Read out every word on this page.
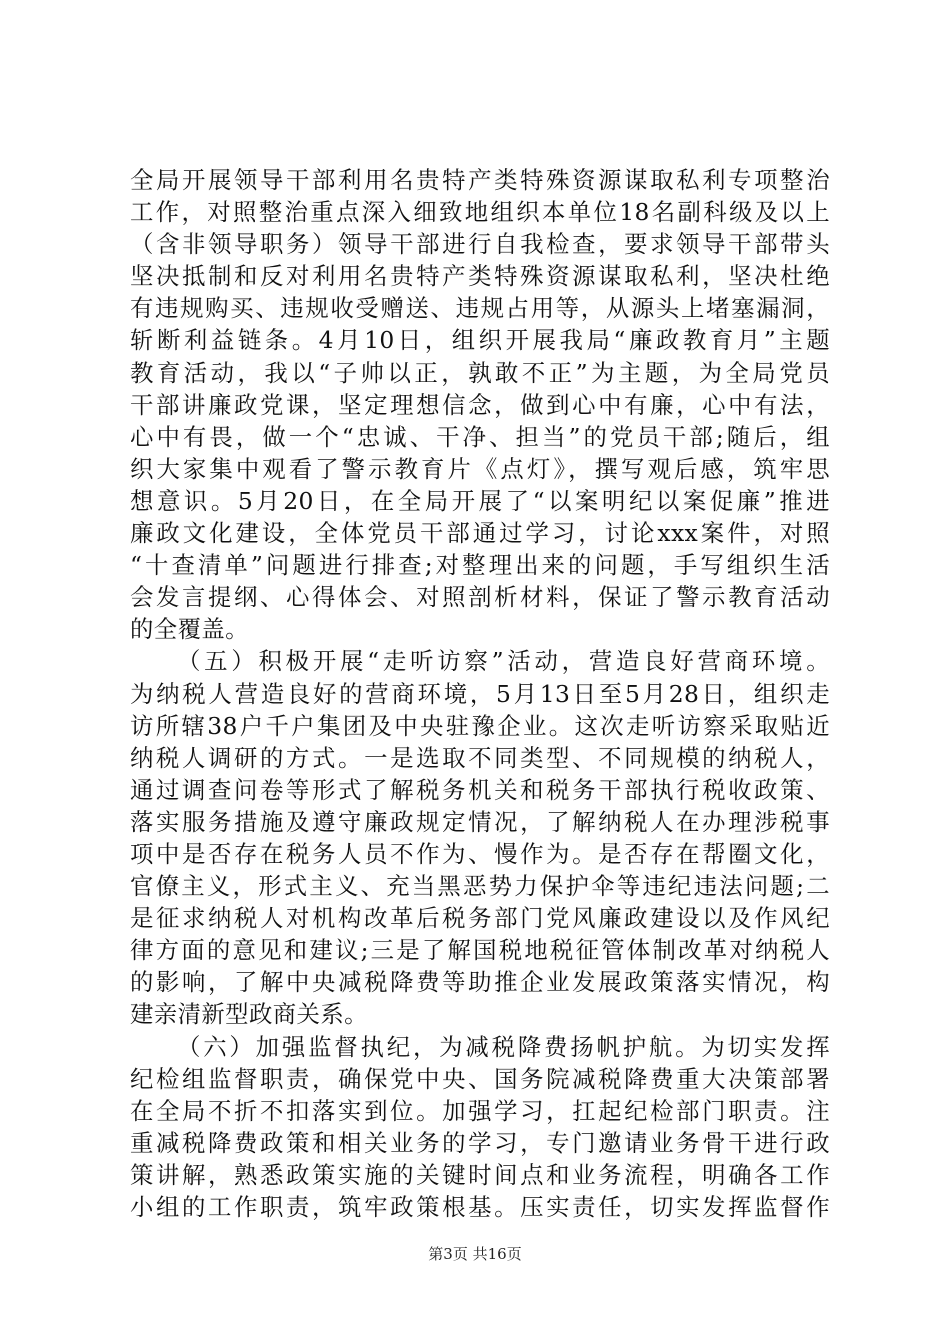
全局开展领导干部利用名贵特产类特殊资源谋取私利专项整治
工作，对照整治重点深入细致地组织本单位18名副科级及以上
（含非领导职务）领导干部进行自我检查，要求领导干部带头
坚决抵制和反对利用名贵特产类特殊资源谋取私利，坚决杜绝
有违规购买、违规收受赠送、违规占用等，从源头上堵塞漏洞，
斩断利益链条。4月10日，组织开展我局“廉政教育月”主题
教育活动，我以“子帅以正，孰敢不正”为主题，为全局党员
干部讲廉政党课，坚定理想信念，做到心中有廉，心中有法，
心中有畏，做一个“忠诚、干净、担当”的党员干部;随后，组
织大家集中观看了警示教育片《点灯》，撰写观后感，筑牢思
想意识。5月20日，在全局开展了“以案明纪以案促廉”推进
廉政文化建设，全体党员干部通过学习，讨论xxx案件，对照
“十查清单”问题进行排查;对整理出来的问题，手写组织生活
会发言提纲、心得体会、对照剖析材料，保证了警示教育活动
的全覆盖。
（五）积极开展“走听访察”活动，营造良好营商环境。
为纳税人营造良好的营商环境，5月13日至5月28日，组织走
访所辖38户千户集团及中央驻豫企业。这次走听访察采取贴近
纳税人调研的方式。一是选取不同类型、不同规模的纳税人，
通过调查问卷等形式了解税务机关和税务干部执行税收政策、
落实服务措施及遵守廉政规定情况，了解纳税人在办理涉税事
项中是否存在税务人员不作为、慢作为。是否存在帮圈文化，
官僚主义，形式主义、充当黑恶势力保护伞等违纪违法问题;二
是征求纳税人对机构改革后税务部门党风廉政建设以及作风纪
律方面的意见和建议;三是了解国税地税征管体制改革对纳税人
的影响，了解中央减税降费等助推企业发展政策落实情况，构
建亲清新型政商关系。
（六）加强监督执纪，为减税降费扬帆护航。为切实发挥
纪检组监督职责，确保党中央、国务院减税降费重大决策部署
在全局不折不扣落实到位。加强学习，扛起纪检部门职责。注
重减税降费政策和相关业务的学习，专门邀请业务骨干进行政
策讲解，熟悉政策实施的关键时间点和业务流程，明确各工作
小组的工作职责，筑牢政策根基。压实责任，切实发挥监督作
第3页 共16页
